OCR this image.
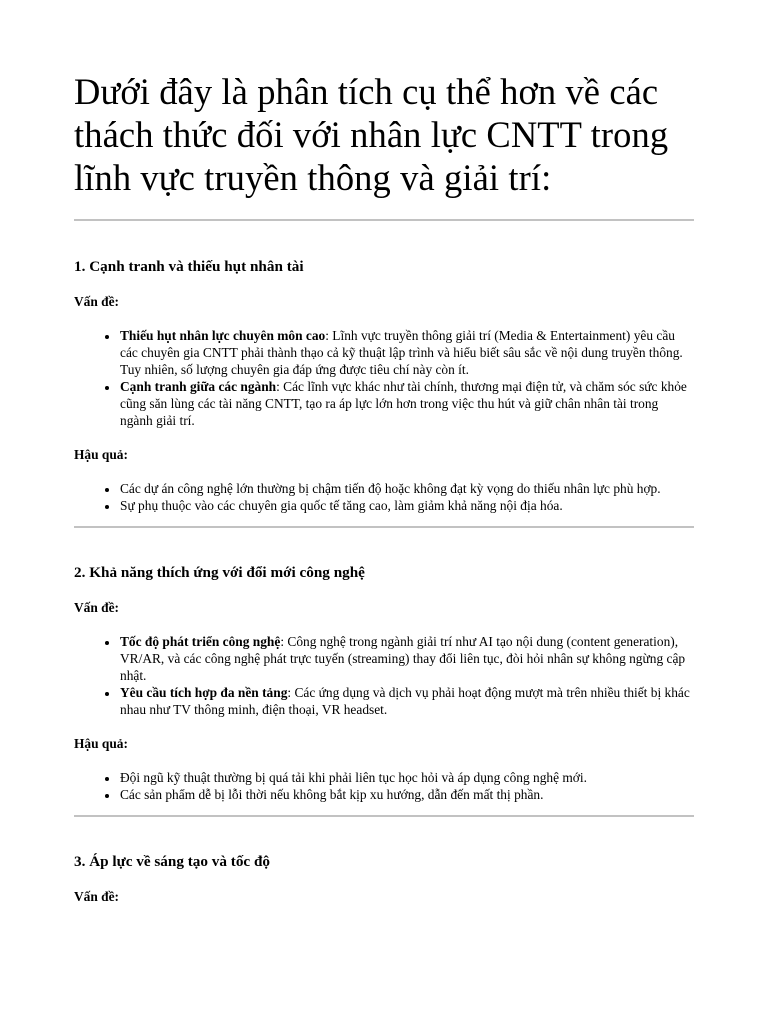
Dưới đây là phân tích cụ thể hơn về các thách thức đối với nhân lực CNTT trong lĩnh vực truyền thông và giải trí:
1. Cạnh tranh và thiếu hụt nhân tài

Vấn đề:

• Thiếu hụt nhân lực chuyên môn cao: Lĩnh vực truyền thông giải trí (Media & Entertainment) yêu cầu các chuyên gia CNTT phải thành thạo cả kỹ thuật lập trình và hiểu biết sâu sắc về nội dung truyền thông. Tuy nhiên, số lượng chuyên gia đáp ứng được tiêu chí này còn ít.
• Cạnh tranh giữa các ngành: Các lĩnh vực khác như tài chính, thương mại điện tử, và chăm sóc sức khỏe cũng săn lùng các tài năng CNTT, tạo ra áp lực lớn hơn trong việc thu hút và giữ chân nhân tài trong ngành giải trí.

Hậu quả:

• Các dự án công nghệ lớn thường bị chậm tiến độ hoặc không đạt kỳ vọng do thiếu nhân lực phù hợp.
• Sự phụ thuộc vào các chuyên gia quốc tế tăng cao, làm giảm khả năng nội địa hóa.
2. Khả năng thích ứng với đổi mới công nghệ

Vấn đề:

• Tốc độ phát triển công nghệ: Công nghệ trong ngành giải trí như AI tạo nội dung (content generation), VR/AR, và các công nghệ phát trực tuyến (streaming) thay đổi liên tục, đòi hỏi nhân sự không ngừng cập nhật.
• Yêu cầu tích hợp đa nền tảng: Các ứng dụng và dịch vụ phải hoạt động mượt mà trên nhiều thiết bị khác nhau như TV thông minh, điện thoại, VR headset.

Hậu quả:

• Đội ngũ kỹ thuật thường bị quá tải khi phải liên tục học hỏi và áp dụng công nghệ mới.
• Các sản phẩm dễ bị lỗi thời nếu không bắt kịp xu hướng, dẫn đến mất thị phần.
3. Áp lực về sáng tạo và tốc độ

Vấn đề:
